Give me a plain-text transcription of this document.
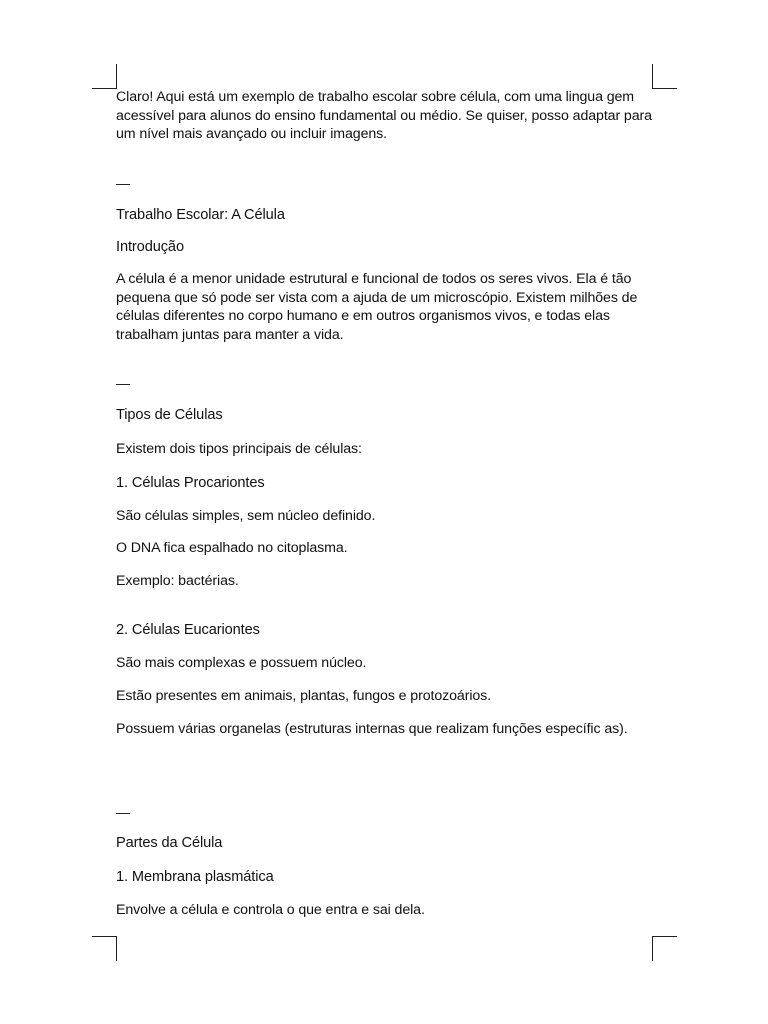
Claro! Aqui está um exemplo de trabalho escolar sobre célula, com uma lingua gem acessível para alunos do ensino fundamental ou médio. Se quiser, posso adaptar para um nível mais avançado ou incluir imagens.

—

Trabalho Escolar: A Célula

Introdução

A célula é a menor unidade estrutural e funcional de todos os seres vivos. Ela é tão pequena que só pode ser vista com a ajuda de um microscópio. Existem milhões de células diferentes no corpo humano e em outros organismos vivos, e todas elas trabalham juntas para manter a vida.

—

Tipos de Células

Existem dois tipos principais de células:

1. Células Procariontes

São células simples, sem núcleo definido.

O DNA fica espalhado no citoplasma.

Exemplo: bactérias.

2. Células Eucariontes

São mais complexas e possuem núcleo.

Estão presentes em animais, plantas, fungos e protozoários.

Possuem várias organelas (estruturas internas que realizam funções específic as).

—

Partes da Célula

1. Membrana plasmática

Envolve a célula e controla o que entra e sai dela.
